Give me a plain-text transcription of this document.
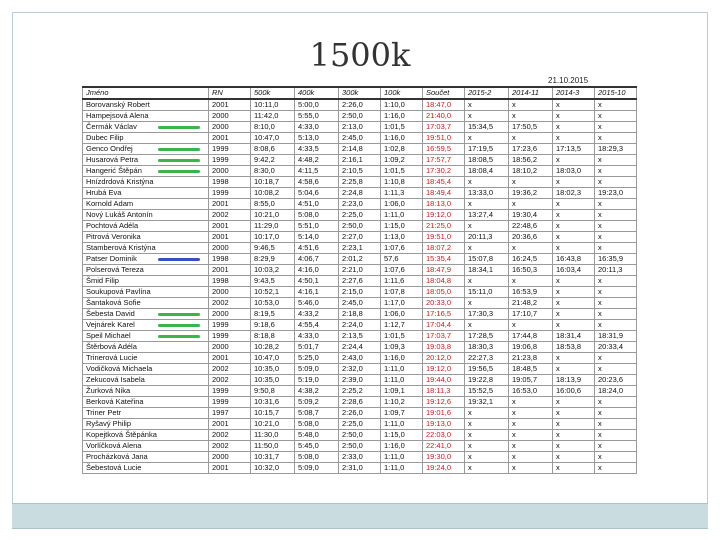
1500k
21.10.2015
Jméno	RN	500k	400k	300k	100k	Součet	2015-2	2014-11	2014-3	2015-10
Borovanský Robert	2001	10:11,0	5:00,0	2:26,0	1:10,0	18:47,0	x	x	x	x
Hampejsová Alena	2000	11:42,0	5:55,0	2:50,0	1:16,0	21:40,0	x	x	x	x
Čermák Václav	2000	8:10,0	4:33,0	2:13,0	1:01,5	17:03,7	15:34,5	17:50,5	x	x
Dubec Filip	2001	10:47,0	5:13,0	2:45,0	1:16,0	19:51,0	x	x	x	x
Genco Ondřej	1999	8:08,6	4:33,5	2:14,8	1:02,8	16:59,5	17:19,5	17:23,6	17:13,5	18:29,3
Husarová Petra	1999	9:42,2	4:48,2	2:16,1	1:09,2	17:57,7	18:08,5	18:56,2	x	x
Hangerić Štěpán	2000	8:30,0	4:11,5	2:10,5	1:01,5	17:30,2	18:08,4	18:10,2	18:03,0	x
Hnízdrdová Kristýna	1998	10:18,7	4:58,6	2:25,8	1:10,8	18:45,4	x	x	x	x
Hrubá Eva	1999	10:08,2	5:04,6	2:24,8	1:11,3	18:49,4	13:33,0	19:36,2	18:02,3	19:23,0
Kornold Adam	2001	8:55,0	4:51,0	2:23,0	1:06,0	18:13,0	x	x	x	x
Nový Lukáš Antonín	2002	10:21,0	5:08,0	2:25,0	1:11,0	19:12,0	13:27,4	19:30,4	x	x
Pochtová Adéla	2001	11:29,0	5:51,0	2:50,0	1:15,0	21:25,0	x	22:48,6	x	x
Pitrová Veronika	2001	10:17,0	5:14,0	2:27,0	1:13,0	19:51,0	20:11,3	20:36,6	x	x
Stamberová Kristýna	2000	9:46,5	4:51,6	2:23,1	1:07,6	18:07,2	x	x	x	x
Patser Dominik	1998	8:29,9	4:06,7	2:01,2	57,6	15:35,4	15:07,8	16:24,5	16:43,8	16:35,9
Polserová Tereza	2001	10:03,2	4:16,0	2:21,0	1:07,6	18:47,9	18:34,1	16:50,3	16:03,4	20:11,3
Šmid Filip	1998	9:43,5	4:50,1	2:27,6	1:11,6	18:04,8	x	x	x	x
Soukupová Pavlína	2000	10:52,1	4:16,1	2:15,0	1:07,8	18:05,0	15:11,0	16:53,9	x	x
Šantaková Sofie	2002	10:53,0	5:46,0	2:45,0	1:17,0	20:33,0	x	21:48,2	x	x
Šebesta David	2000	8:19,5	4:33,2	2:18,8	1:06,0	17:16,5	17:30,3	17:10,7	x	x
Vejnárek Karel	1999	9:18,6	4:55,4	2:24,0	1:12,7	17:04,4	x	x	x	x
Speil Michael	1999	8:18,8	4:33,0	2:13,5	1:01,5	17:03,7	17:28,5	17:44,8	18:31,4	18:31,9
Štěrbová Adéla	2000	10:28,2	5:01,7	2:24,4	1:09,3	19:03,8	18:30,3	19:06,8	18:53,8	20:33,4
Trinerová Lucie	2001	10:47,0	5:25,0	2:43,0	1:16,0	20:12,0	22:27,3	21:23,8	x	x
Vodičková Michaela	2002	10:35,0	5:09,0	2:32,0	1:11,0	19:12,0	19:56,5	18:48,5	x	x
Zekucová Isabela	2002	10:35,0	5:19,0	2:39,0	1:11,0	19:44,0	19:22,8	19:05,7	18:13,9	20:23,6
Žurková Nika	1999	9:50,8	4:38,2	2:25,2	1:09,1	18:11,3	15:52,5	16:53,0	16:00,6	18:24,0
Berková Kateřina	1999	10:31,6	5:09,2	2:28,6	1:10,2	19:12,6	19:32,1	x	x	x
Triner Petr	1997	10:15,7	5:08,7	2:26,0	1:09,7	19:01,6	x	x	x	x
Ryšavý Philip	2001	10:21,0	5:08,0	2:25,0	1:11,0	19:13,0	x	x	x	x
Kopejtková Štěpánka	2002	11:30,0	5:48,0	2:50,0	1:15,0	22:03,0	x	x	x	x
Vorlíčková Alena	2002	11:50,0	5:45,0	2:50,0	1:16,0	22:41,0	x	x	x	x
Procházková Jana	2000	10:31,7	5:08,0	2:33,0	1:11,0	19:30,0	x	x	x	x
Šebestová Lucie	2001	10:32,0	5:09,0	2:31,0	1:11,0	19:24,0	x	x	x	x
